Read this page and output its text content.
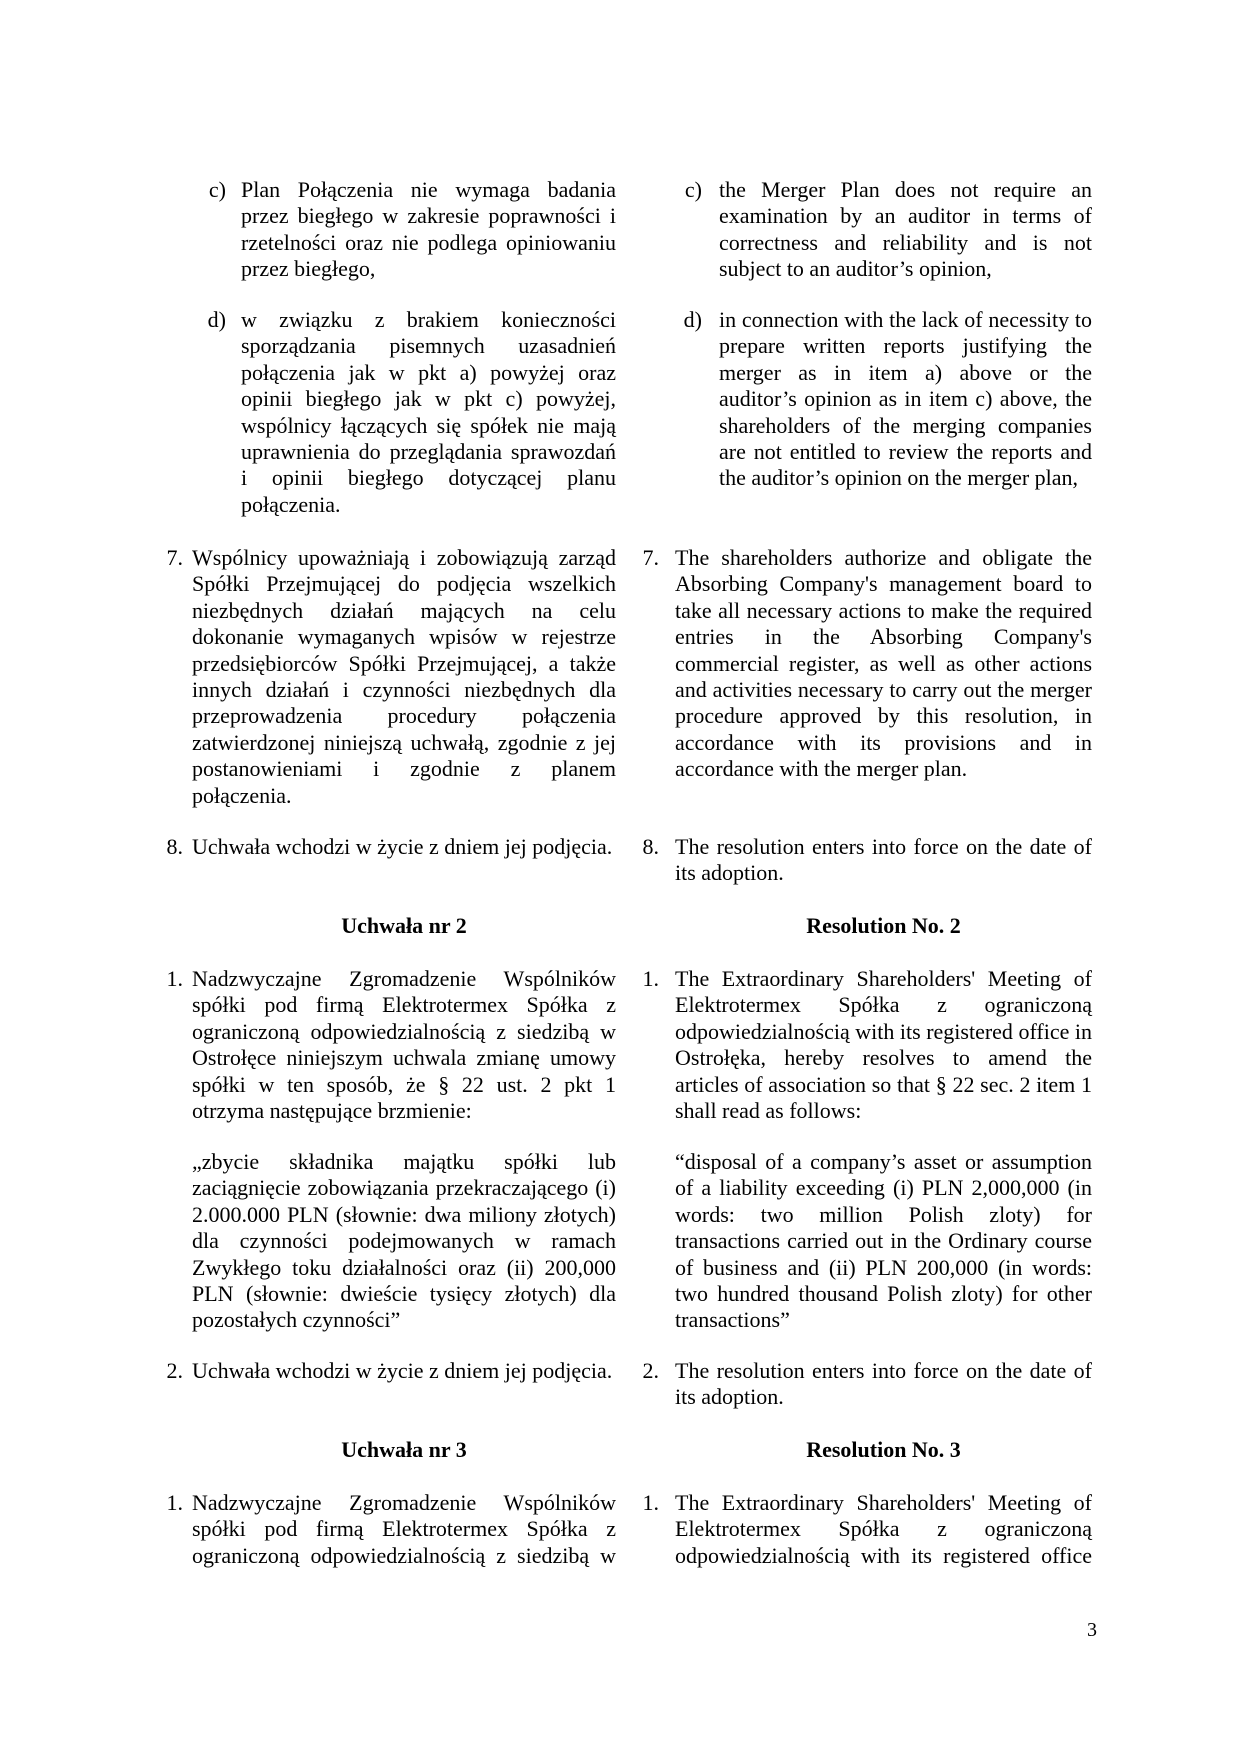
c) Plan Połączenia nie wymaga badania przez biegłego w zakresie poprawności i rzetelności oraz nie podlega opiniowaniu przez biegłego,

d) w związku z brakiem konieczności sporządzania pisemnych uzasadnień połączenia jak w pkt a) powyżej oraz opinii biegłego jak w pkt c) powyżej, wspólnicy łączących się spółek nie mają uprawnienia do przeglądania sprawozdań i opinii biegłego dotyczącej planu połączenia.

7. Wspólnicy upoważniają i zobowiązują zarząd Spółki Przejmującej do podjęcia wszelkich niezbędnych działań mających na celu dokonanie wymaganych wpisów w rejestrze przedsiębiorców Spółki Przejmującej, a także innych działań i czynności niezbędnych dla przeprowadzenia procedury połączenia zatwierdzonej niniejszą uchwałą, zgodnie z jej postanowieniami i zgodnie z planem połączenia.

8. Uchwała wchodzi w życie z dniem jej podjęcia.

Uchwała nr 2
1. Nadzwyczajne Zgromadzenie Wspólników spółki pod firmą Elektrotermex Spółka z ograniczoną odpowiedzialnością z siedzibą w Ostrołęce niniejszym uchwala zmianę umowy spółki w ten sposób, że § 22 ust. 2 pkt 1 otrzyma następujące brzmienie:

„zbycie składnika majątku spółki lub zaciągnięcie zobowiązania przekraczającego (i) 2.000.000 PLN (słownie: dwa miliony złotych) dla czynności podejmowanych w ramach Zwykłego toku działalności oraz (ii) 200,000 PLN (słownie: dwieście tysięcy złotych) dla pozostałych czynności”

2. Uchwała wchodzi w życie z dniem jej podjęcia.

Uchwała nr 3
1. Nadzwyczajne Zgromadzenie Wspólników spółki pod firmą Elektrotermex Spółka z ograniczoną odpowiedzialnością z siedzibą w

c) the Merger Plan does not require an examination by an auditor in terms of correctness and reliability and is not subject to an auditor’s opinion,

d) in connection with the lack of necessity to prepare written reports justifying the merger as in item a) above or the auditor’s opinion as in item c) above, the shareholders of the merging companies are not entitled to review the reports and the auditor’s opinion on the merger plan,

7. The shareholders authorize and obligate the Absorbing Company's management board to take all necessary actions to make the required entries in the Absorbing Company's commercial register, as well as other actions and activities necessary to carry out the merger procedure approved by this resolution, in accordance with its provisions and in accordance with the merger plan.

8. The resolution enters into force on the date of its adoption.

Resolution No. 2
1. The Extraordinary Shareholders' Meeting of Elektrotermex Spółka z ograniczoną odpowiedzialnością with its registered office in Ostrołęka, hereby resolves to amend the articles of association so that § 22 sec. 2 item 1 shall read as follows:

“disposal of a company’s asset or assumption of a liability exceeding (i) PLN 2,000,000 (in words: two million Polish zloty) for transactions carried out in the Ordinary course of business and (ii) PLN 200,000 (in words: two hundred thousand Polish zloty) for other transactions”

2. The resolution enters into force on the date of its adoption.

Resolution No. 3
1. The Extraordinary Shareholders' Meeting of Elektrotermex Spółka z ograniczoną odpowiedzialnością with its registered office

3
